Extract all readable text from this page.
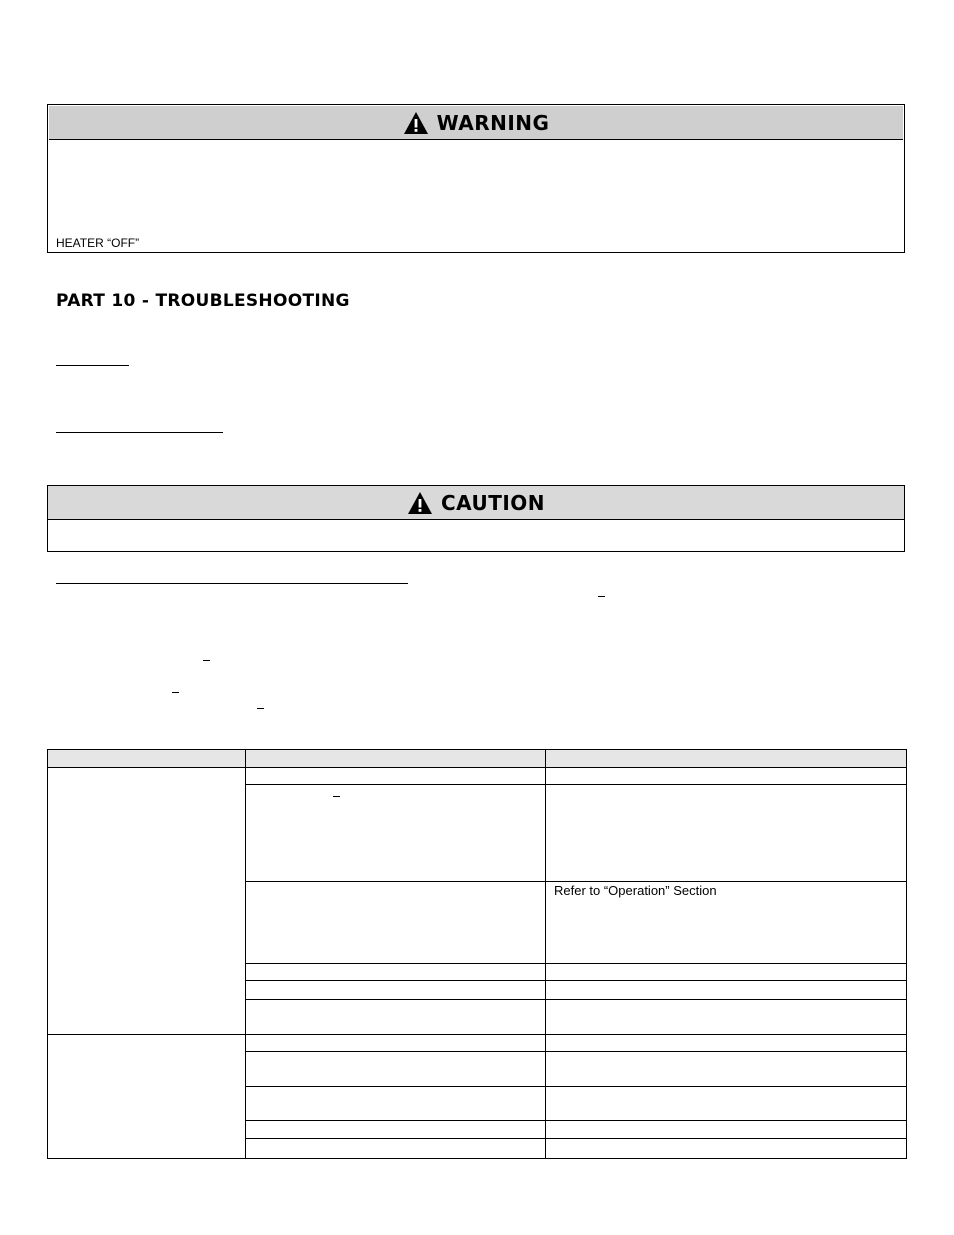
WARNING
HEATER “OFF”
PART 10 - TROUBLESHOOTING
CAUTION

		Refer to “Operation” Section
